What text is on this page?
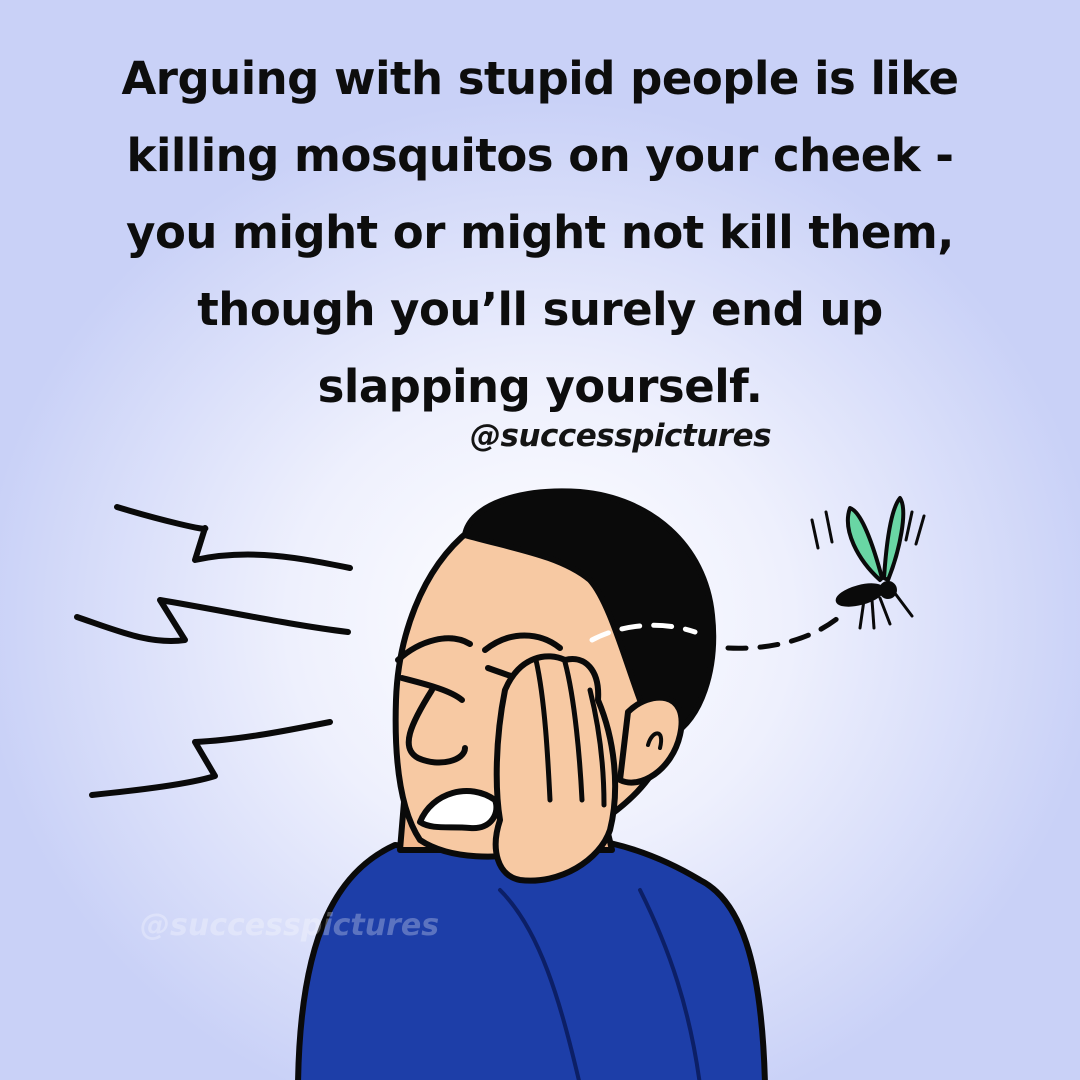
Arguing with stupid people is like
killing mosquitos on your cheek -
you might or might not kill them,
though you’ll surely end up
slapping yourself.

@successpictures

@successpictures
